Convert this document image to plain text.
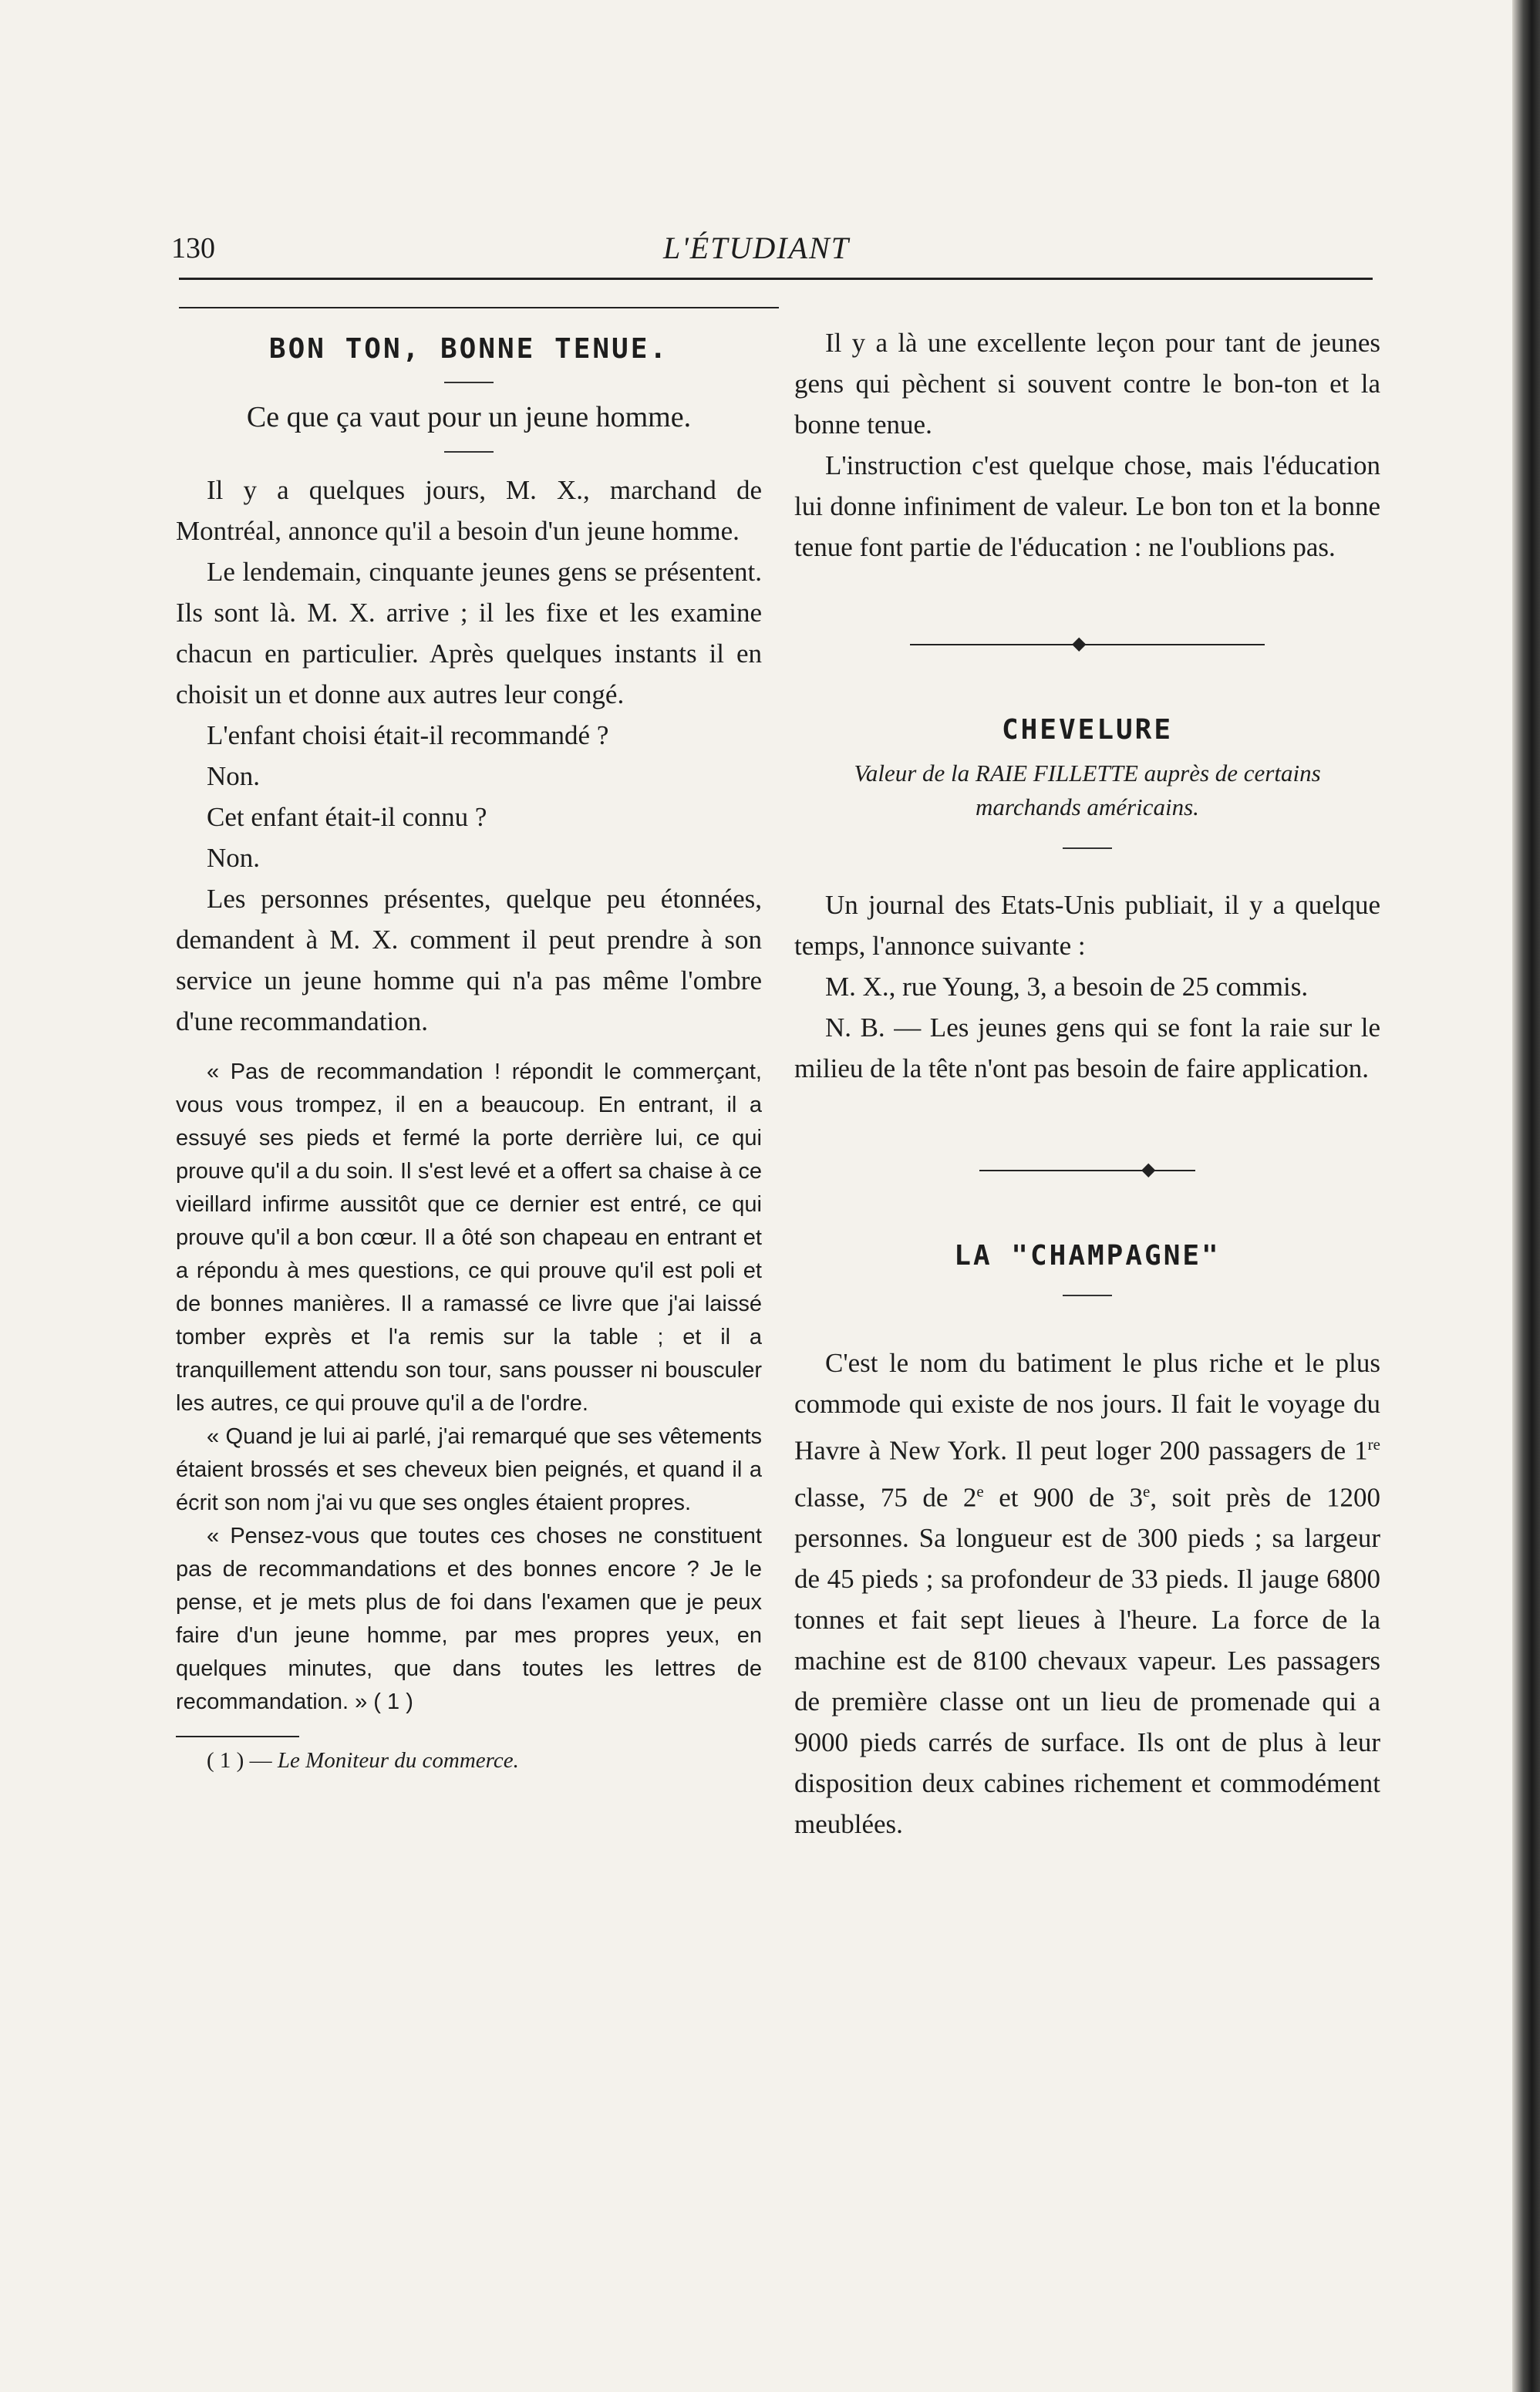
130	L'ÉTUDIANT

BON TON, BONNE TENUE.

Ce que ça vaut pour un jeune homme.

Il y a quelques jours, M. X., marchand de Montréal, annonce qu'il a besoin d'un jeune homme.

Le lendemain, cinquante jeunes gens se présentent. Ils sont là. M. X. arrive ; il les fixe et les examine chacun en particulier. Après quelques instants il en choisit un et donne aux autres leur congé.

L'enfant choisi était-il recommandé ?

Non.

Cet enfant était-il connu ?

Non.

Les personnes présentes, quelque peu étonnées, demandent à M. X. comment il peut prendre à son service un jeune homme qui n'a pas même l'ombre d'une recommandation.

« Pas de recommandation ! répondit le commerçant, vous vous trompez, il en a beaucoup. En entrant, il a essuyé ses pieds et fermé la porte derrière lui, ce qui prouve qu'il a du soin. Il s'est levé et a offert sa chaise à ce vieillard infirme aussitôt que ce dernier est entré, ce qui prouve qu'il a bon cœur. Il a ôté son chapeau en entrant et a répondu à mes questions, ce qui prouve qu'il est poli et de bonnes manières. Il a ramassé ce livre que j'ai laissé tomber exprès et l'a remis sur la table ; et il a tranquillement attendu son tour, sans pousser ni bousculer les autres, ce qui prouve qu'il a de l'ordre.

« Quand je lui ai parlé, j'ai remarqué que ses vêtements étaient brossés et ses cheveux bien peignés, et quand il a écrit son nom j'ai vu que ses ongles étaient propres.

« Pensez-vous que toutes ces choses ne constituent pas de recommandations et des bonnes encore ? Je le pense, et je mets plus de foi dans l'examen que je peux faire d'un jeune homme, par mes propres yeux, en quelques minutes, que dans toutes les lettres de recommandation. » ( 1 )

( 1 ) — Le Moniteur du commerce.

Il y a là une excellente leçon pour tant de jeunes gens qui pèchent si souvent contre le bon-ton et la bonne tenue.

L'instruction c'est quelque chose, mais l'éducation lui donne infiniment de valeur. Le bon ton et la bonne tenue font partie de l'éducation : ne l'oublions pas.

◆

CHEVELURE

Valeur de la RAIE FILLETTE auprès de certains marchands américains.

Un journal des Etats-Unis publiait, il y a quelque temps, l'annonce suivante :

M. X., rue Young, 3, a besoin de 25 commis.

N. B. — Les jeunes gens qui se font la raie sur le milieu de la tête n'ont pas besoin de faire application.

◆

LA "CHAMPAGNE"

C'est le nom du batiment le plus riche et le plus commode qui existe de nos jours. Il fait le voyage du Havre à New York. Il peut loger 200 passagers de 1re classe, 75 de 2e et 900 de 3e, soit près de 1200 personnes. Sa longueur est de 300 pieds ; sa largeur de 45 pieds ; sa profondeur de 33 pieds. Il jauge 6800 tonnes et fait sept lieues à l'heure. La force de la machine est de 8100 chevaux vapeur. Les passagers de première classe ont un lieu de promenade qui a 9000 pieds carrés de surface. Ils ont de plus à leur disposition deux cabines richement et commodément meublées.
